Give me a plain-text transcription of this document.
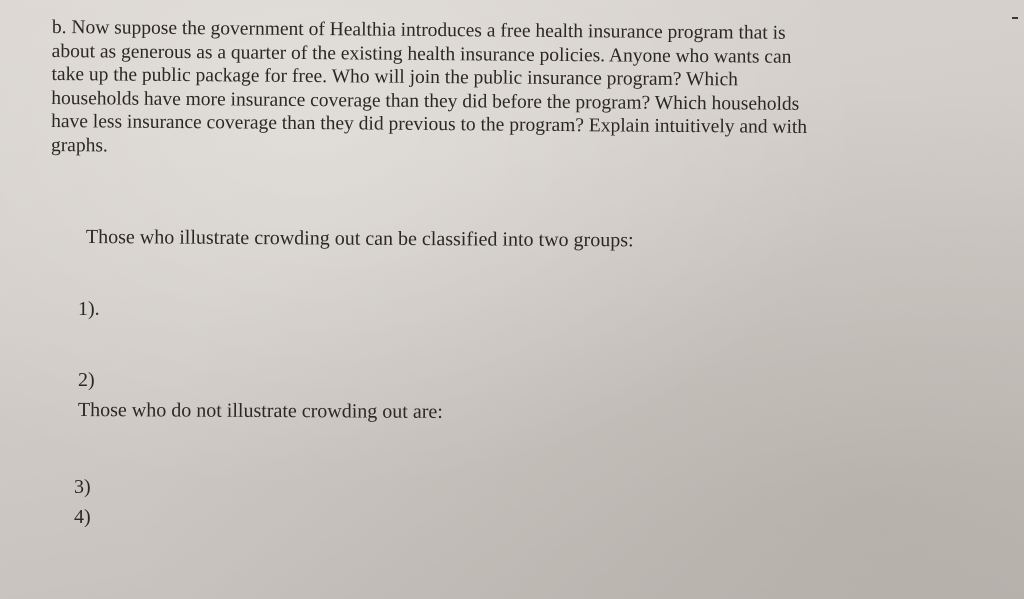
b. Now suppose the government of Healthia introduces a free health insurance program that is
about as generous as a quarter of the existing health insurance policies. Anyone who wants can
take up the public package for free. Who will join the public insurance program? Which
households have more insurance coverage than they did before the program? Which households
have less insurance coverage than they did previous to the program? Explain intuitively and with
graphs.

Those who illustrate crowding out can be classified into two groups:

1).

2)

Those who do not illustrate crowding out are:

3)

4)
